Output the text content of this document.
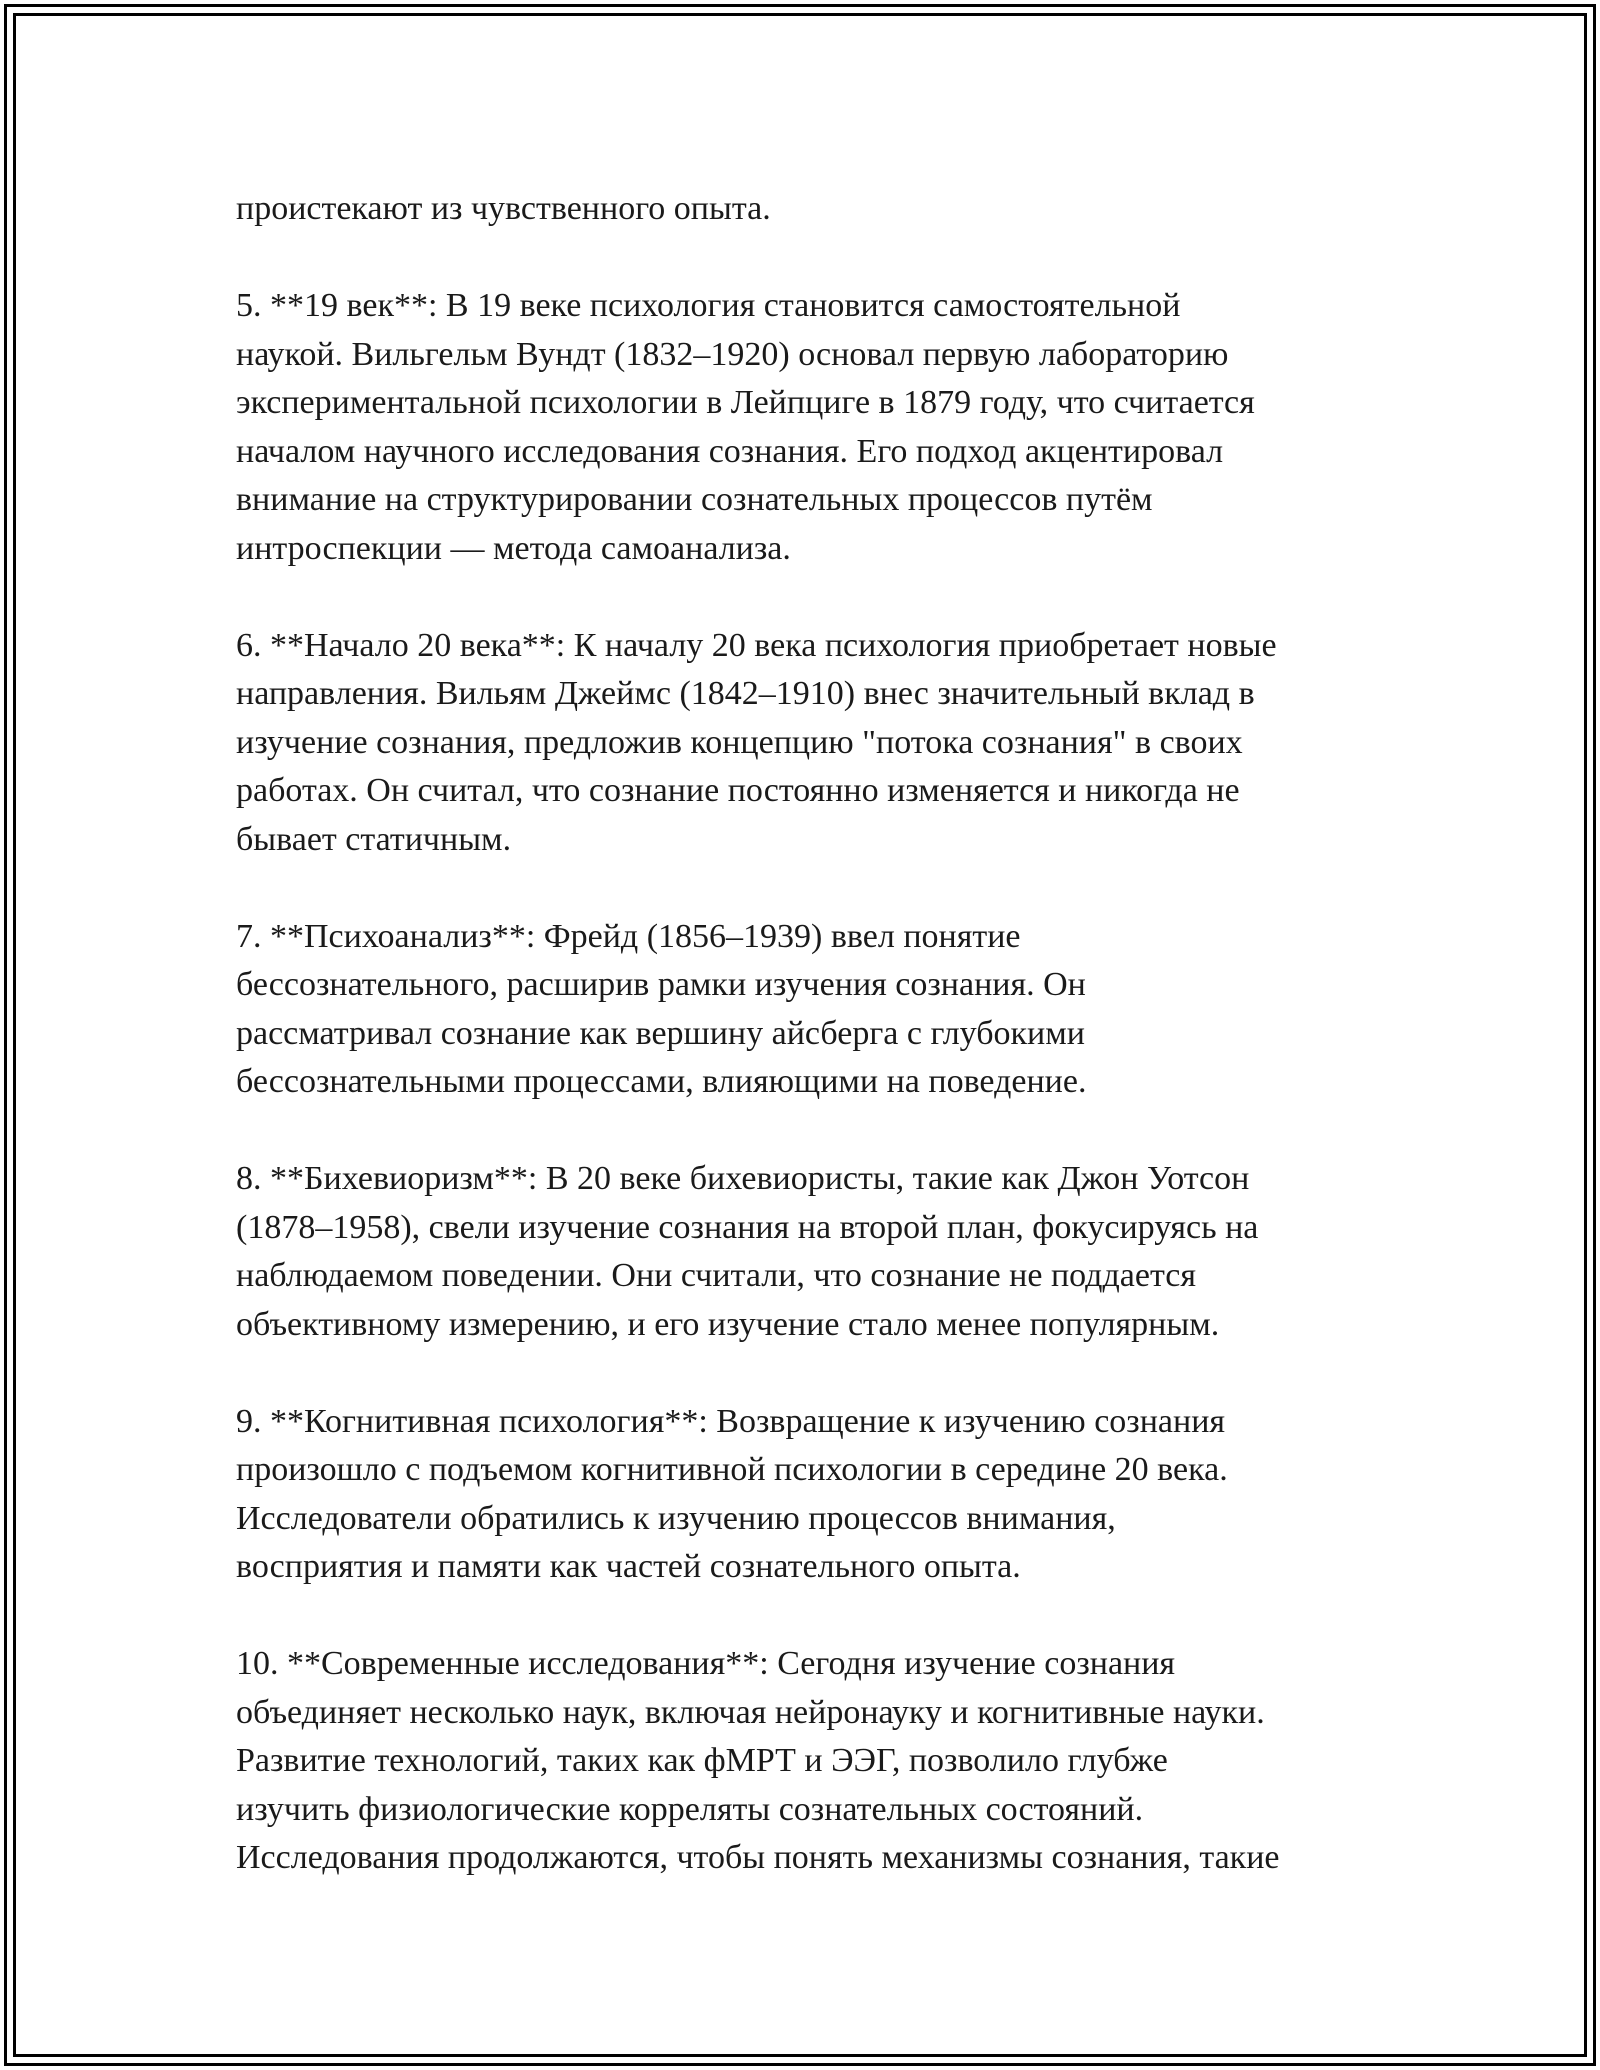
проистекают из чувственного опыта.
5. **19 век**: В 19 веке психология становится самостоятельной
наукой. Вильгельм Вундт (1832–1920) основал первую лабораторию
экспериментальной психологии в Лейпциге в 1879 году, что считается
началом научного исследования сознания. Его подход акцентировал
внимание на структурировании сознательных процессов путём
интроспекции — метода самоанализа.
6. **Начало 20 века**: К началу 20 века психология приобретает новые
направления. Вильям Джеймс (1842–1910) внес значительный вклад в
изучение сознания, предложив концепцию "потока сознания" в своих
работах. Он считал, что сознание постоянно изменяется и никогда не
бывает статичным.
7. **Психоанализ**: Фрейд (1856–1939) ввел понятие
бессознательного, расширив рамки изучения сознания. Он
рассматривал сознание как вершину айсберга с глубокими
бессознательными процессами, влияющими на поведение.
8. **Бихевиоризм**: В 20 веке бихевиористы, такие как Джон Уотсон
(1878–1958), свели изучение сознания на второй план, фокусируясь на
наблюдаемом поведении. Они считали, что сознание не поддается
объективному измерению, и его изучение стало менее популярным.
9. **Когнитивная психология**: Возвращение к изучению сознания
произошло с подъемом когнитивной психологии в середине 20 века.
Исследователи обратились к изучению процессов внимания,
восприятия и памяти как частей сознательного опыта.
10. **Современные исследования**: Сегодня изучение сознания
объединяет несколько наук, включая нейронауку и когнитивные науки.
Развитие технологий, таких как фМРТ и ЭЭГ, позволило глубже
изучить физиологические корреляты сознательных состояний.
Исследования продолжаются, чтобы понять механизмы сознания, такие
